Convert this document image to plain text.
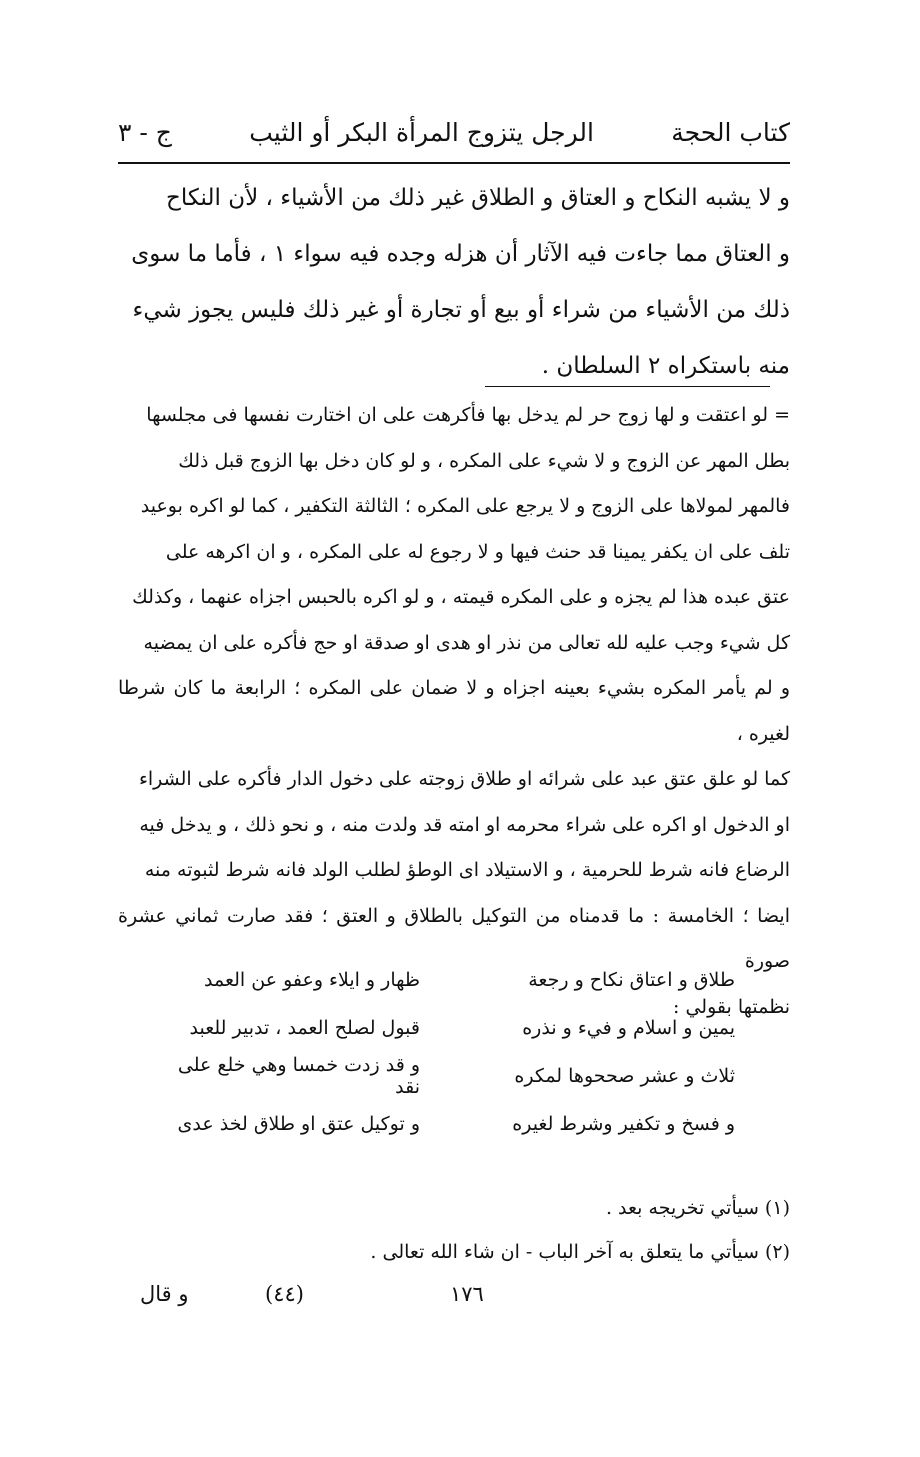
كتاب الحجة
الرجل يتزوج المرأة البكر أو الثيب
ج - ٣

و لا يشبه النكاح و العتاق و الطلاق غير ذلك من الأشياء ، لأن النكاح

و العتاق مما جاءت فيه الآثار أن هزله وجده فيه سواء ١ ، فأما ما سوى

ذلك من الأشياء من شراء أو بيع أو تجارة أو غير ذلك فليس يجوز شيء

منه باستكراه ٢ السلطان .

= لو اعتقت و لها زوج حر لم يدخل بها فأكرهت على ان اختارت نفسها فى مجلسها

بطل المهر عن الزوج و لا شيء على المكره ، و لو كان دخل بها الزوج قبل ذلك

فالمهر لمولاها على الزوج و لا يرجع على المكره ؛ الثالثة التكفير ، كما لو اكره بوعيد

تلف على ان يكفر يمينا قد حنث فيها و لا رجوع له على المكره ، و ان اكرهه على

عتق عبده هذا لم يجزه و على المكره قيمته ، و لو اكره بالحبس اجزاه عنهما ، وكذلك

كل شيء وجب عليه لله تعالى من نذر او هدى او صدقة او حج فأكره على ان يمضيه

و لم يأمر المكره بشيء بعينه اجزاه و لا ضمان على المكره ؛ الرابعة ما كان شرطا لغيره ،

كما لو علق عتق عبد على شرائه او طلاق زوجته على دخول الدار فأكره على الشراء

او الدخول او اكره على شراء محرمه او امته قد ولدت منه ، و نحو ذلك ، و يدخل فيه

الرضاع فانه شرط للحرمية ، و الاستيلاد اى الوطؤ لطلب الولد فانه شرط لثبوته منه

ايضا ؛ الخامسة : ما قدمناه من التوكيل بالطلاق و العتق ؛ فقد صارت ثماني عشرة صورة

نظمتها بقولي :

طلاق و اعتاق نكاح و رجعة
ظهار و ايلاء وعفو عن العمد
يمين و اسلام و فيء و نذره
قبول لصلح العمد ، تدبير للعبد
ثلاث و عشر صححوها لمكره
و قد زدت خمسا وهي خلع على نقد
و فسخ و تكفير وشرط لغيره
و توكيل عتق او طلاق لخذ عدى

(١) سيأتي تخريجه بعد .

(٢) سيأتي ما يتعلق به آخر الباب - ان شاء الله تعالى .

١٧٦
(٤٤)
و قال
